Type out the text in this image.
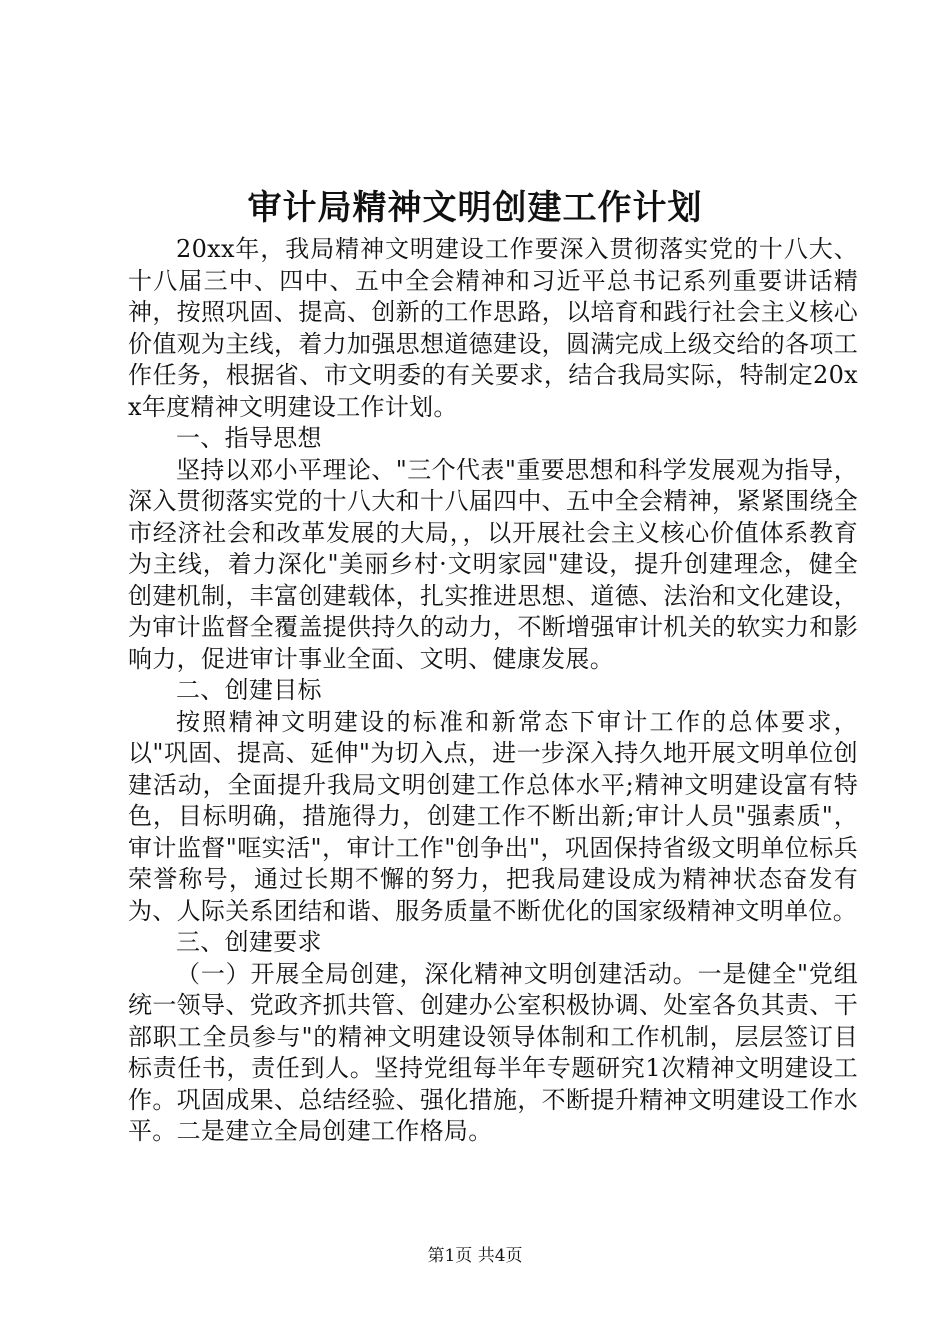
审计局精神文明创建工作计划

20xx年，我局精神文明建设工作要深入贯彻落实党的十八大、十八届三中、四中、五中全会精神和习近平总书记系列重要讲话精神，按照巩固、提高、创新的工作思路，以培育和践行社会主义核心价值观为主线，着力加强思想道德建设，圆满完成上级交给的各项工作任务，根据省、市文明委的有关要求，结合我局实际，特制定20xx年度精神文明建设工作计划。

一、指导思想

坚持以邓小平理论、"三个代表"重要思想和科学发展观为指导，深入贯彻落实党的十八大和十八届四中、五中全会精神，紧紧围绕全市经济社会和改革发展的大局，，以开展社会主义核心价值体系教育为主线，着力深化"美丽乡村·文明家园"建设，提升创建理念，健全创建机制，丰富创建载体，扎实推进思想、道德、法治和文化建设，为审计监督全覆盖提供持久的动力，不断增强审计机关的软实力和影响力，促进审计事业全面、文明、健康发展。

二、创建目标

按照精神文明建设的标准和新常态下审计工作的总体要求，以"巩固、提高、延伸"为切入点，进一步深入持久地开展文明单位创建活动，全面提升我局文明创建工作总体水平;精神文明建设富有特色，目标明确，措施得力，创建工作不断出新;审计人员"强素质"，审计监督"哐实活"，审计工作"创争出"，巩固保持省级文明单位标兵荣誉称号，通过长期不懈的努力，把我局建设成为精神状态奋发有为、人际关系团结和谐、服务质量不断优化的国家级精神文明单位。

三、创建要求

（一）开展全局创建，深化精神文明创建活动。一是健全"党组统一领导、党政齐抓共管、创建办公室积极协调、处室各负其责、干部职工全员参与"的精神文明建设领导体制和工作机制，层层签订目标责任书，责任到人。坚持党组每半年专题研究1次精神文明建设工作。巩固成果、总结经验、强化措施，不断提升精神文明建设工作水平。二是建立全局创建工作格局。

第1页 共4页
